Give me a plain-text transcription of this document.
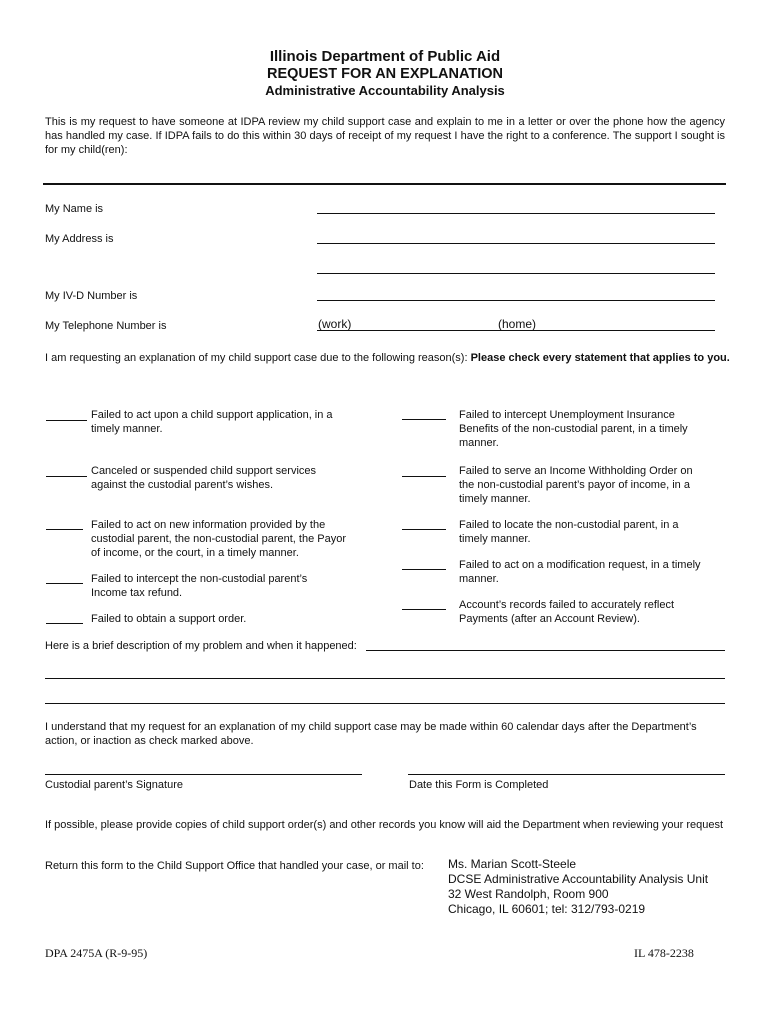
Illinois Department of Public Aid
REQUEST FOR AN EXPLANATION
Administrative Accountability Analysis
This is my request to have someone at IDPA review my child support case and explain to me in a letter or over the phone how the agency has handled my case. If IDPA fails to do this within 30 days of receipt of my request I have the right to a conference. The support I sought is for my child(ren):
My Name is
My Address is
My IV-D Number is
My Telephone Number is	(work)	(home)
I am requesting an explanation of my child support case due to the following reason(s): Please check every statement that applies to you.
Failed to act upon a child support application, in a timely manner.
Canceled or suspended child support services against the custodial parent’s wishes.
Failed to act on new information provided by the custodial parent, the non-custodial parent, the Payor of income, or the court, in a timely manner.
Failed to intercept the non-custodial parent’s Income tax refund.
Failed to obtain a support order.
Failed to intercept Unemployment Insurance Benefits of the non-custodial parent, in a timely manner.
Failed to serve an Income Withholding Order on the non-custodial parent’s payor of income, in a timely manner.
Failed to locate the non-custodial parent, in a timely manner.
Failed to act on a modification request, in a timely manner.
Account’s records failed to accurately reflect Payments (after an Account Review).
Here is a brief description of my problem and when it happened:
I understand that my request for an explanation of my child support case may be made within 60 calendar days after the Department’s action, or inaction as check marked above.
Custodial parent’s Signature	Date this Form is Completed
If possible, please provide copies of child support order(s) and other records you know will aid the Department when reviewing your request
Return this form to the Child Support Office that handled your case, or mail to: Ms. Marian Scott-Steele
DCSE Administrative Accountability Analysis Unit
32 West Randolph, Room 900
Chicago, IL 60601; tel: 312/793-0219
DPA 2475A (R-9-95)	IL 478-2238
